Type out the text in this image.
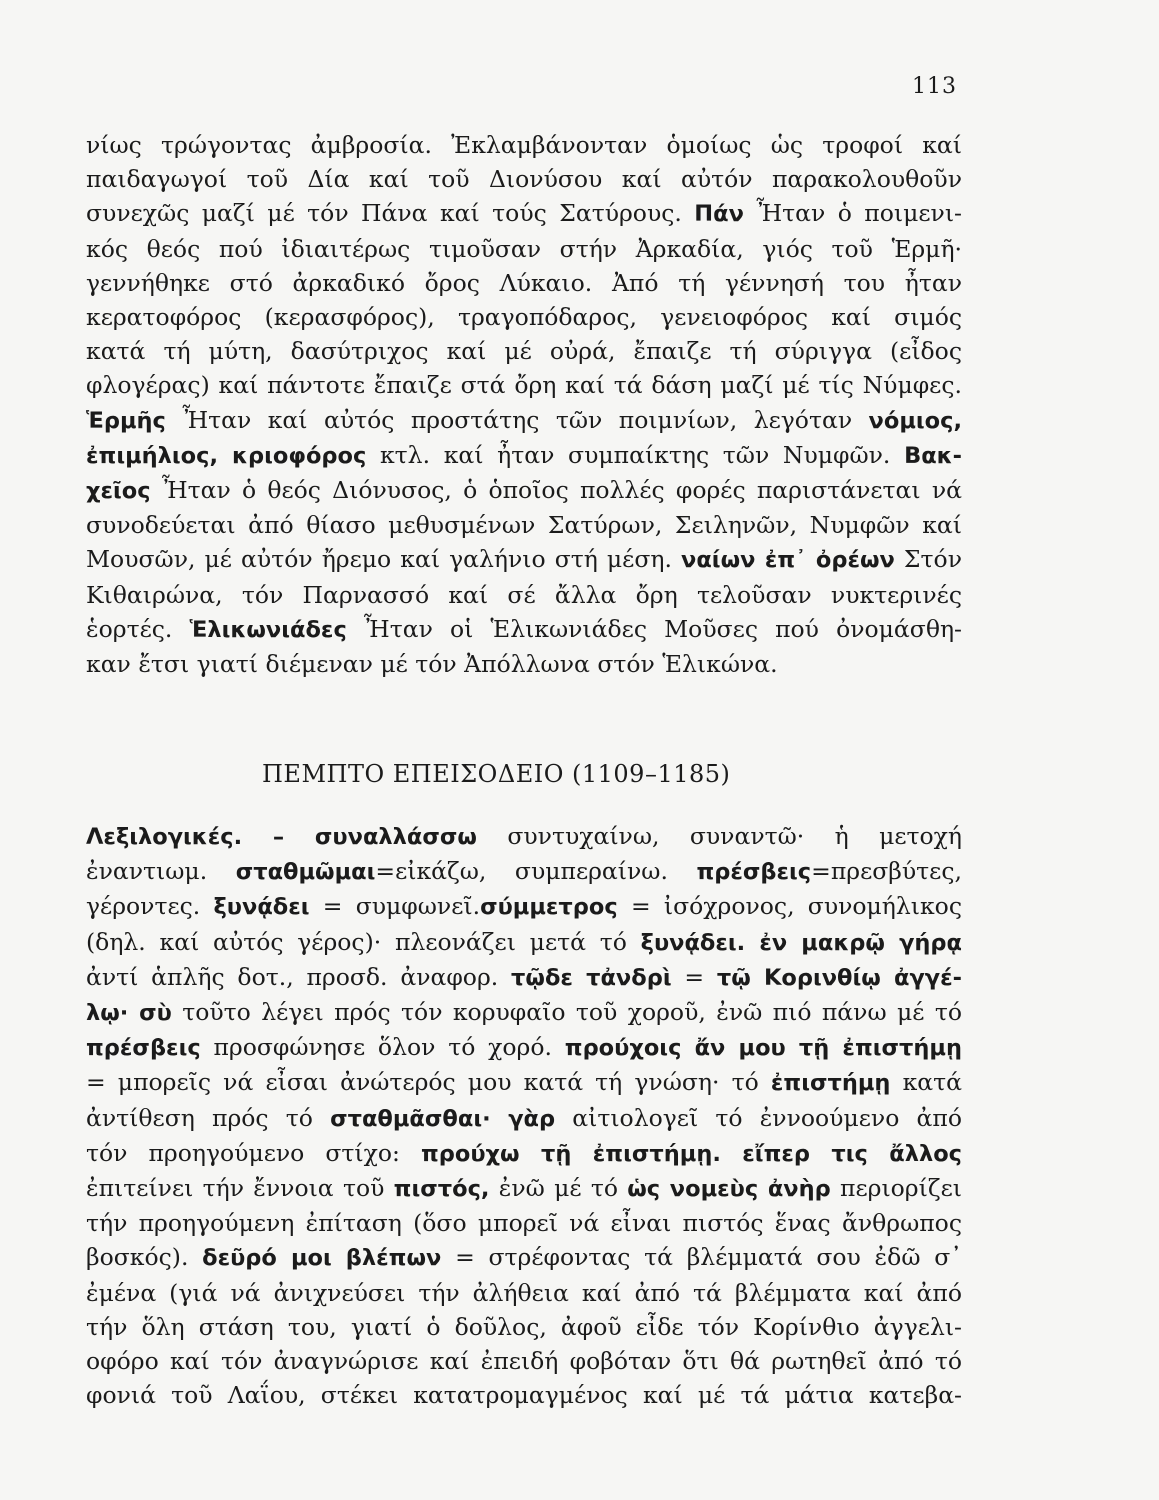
113
νίως τρώγοντας ἀμβροσία. Ἐκλαμβάνονταν ὁμοίως ὡς τροφοί καί
παιδαγωγοί τοῦ Δία καί τοῦ Διονύσου καί αὐτόν παρακολουθοῦν
συνεχῶς μαζί μέ τόν Πάνα καί τούς Σατύρους. Πάν Ἦταν ὁ ποιμενι-
κός θεός πού ἰδιαιτέρως τιμοῦσαν στήν Ἀρκαδία, γιός τοῦ Ἑρμῆ·
γεννήθηκε στό ἀρκαδικό ὄρος Λύκαιο. Ἀπό τή γέννησή του ἦταν
κερατοφόρος (κερασφόρος), τραγοπόδαρος, γενειοφόρος καί σιμός
κατά τή μύτη, δασύτριχος καί μέ οὐρά, ἔπαιζε τή σύριγγα (εἶδος
φλογέρας) καί πάντοτε ἔπαιζε στά ὄρη καί τά δάση μαζί μέ τίς Νύμφες.
Ἑρμῆς Ἦταν καί αὐτός προστάτης τῶν ποιμνίων, λεγόταν νόμιος,
ἐπιμήλιος, κριοφόρος κτλ. καί ἦταν συμπαίκτης τῶν Νυμφῶν. Βακ-
χεῖος Ἦταν ὁ θεός Διόνυσος, ὁ ὁποῖος πολλές φορές παριστάνεται νά
συνοδεύεται ἀπό θίασο μεθυσμένων Σατύρων, Σειληνῶν, Νυμφῶν καί
Μουσῶν, μέ αὐτόν ἤρεμο καί γαλήνιο στή μέση. ναίων ἐπ᾽ ὀρέων Στόν
Κιθαιρώνα, τόν Παρνασσό καί σέ ἄλλα ὄρη τελοῦσαν νυκτερινές
ἑορτές. Ἑλικωνιάδες Ἦταν οἱ Ἑλικωνιάδες Μοῦσες πού ὀνομάσθη-
καν ἔτσι γιατί διέμεναν μέ τόν Ἀπόλλωνα στόν Ἑλικώνα.
ΠΕΜΠΤΟ ΕΠΕΙΣΟΔΕΙΟ (1109–1185)
Λεξιλογικές. – συναλλάσσω συντυχαίνω, συναντῶ· ἡ μετοχή
ἐναντιωμ. σταθμῶμαι=εἰκάζω, συμπεραίνω. πρέσβεις=πρεσβύτες,
γέροντες. ξυνᾴδει = συμφωνεῖ.σύμμετρος = ἰσόχρονος, συνομήλικος
(δηλ. καί αὐτός γέρος)· πλεονάζει μετά τό ξυνᾴδει. ἐν μακρῷ γήρᾳ
ἀντί ἁπλῆς δοτ., προσδ. ἀναφορ. τῷδε τἀνδρὶ = τῷ Κορινθίῳ ἀγγέ-
λῳ· σὺ τοῦτο λέγει πρός τόν κορυφαῖο τοῦ χοροῦ, ἐνῶ πιό πάνω μέ τό
πρέσβεις προσφώνησε ὅλον τό χορό. προύχοις ἄν μου τῇ ἐπιστήμῃ
= μπορεῖς νά εἶσαι ἀνώτερός μου κατά τή γνώση· τό ἐπιστήμῃ κατά
ἀντίθεση πρός τό σταθμᾶσθαι· γὰρ αἰτιολογεῖ τό ἐννοούμενο ἀπό
τόν προηγούμενο στίχο: προύχω τῇ ἐπιστήμῃ. εἴπερ τις ἄλλος
ἐπιτείνει τήν ἔννοια τοῦ πιστός, ἐνῶ μέ τό ὡς νομεὺς ἀνὴρ περιορίζει
τήν προηγούμενη ἐπίταση (ὅσο μπορεῖ νά εἶναι πιστός ἕνας ἄνθρωπος
βοσκός). δεῦρό μοι βλέπων = στρέφοντας τά βλέμματά σου ἐδῶ σ᾽
ἐμένα (γιά νά ἀνιχνεύσει τήν ἀλήθεια καί ἀπό τά βλέμματα καί ἀπό
τήν ὅλη στάση του, γιατί ὁ δοῦλος, ἀφοῦ εἶδε τόν Κορίνθιο ἀγγελι-
οφόρο καί τόν ἀναγνώρισε καί ἐπειδή φοβόταν ὅτι θά ρωτηθεῖ ἀπό τό
φονιά τοῦ Λαΐου, στέκει κατατρομαγμένος καί μέ τά μάτια κατεβα-
